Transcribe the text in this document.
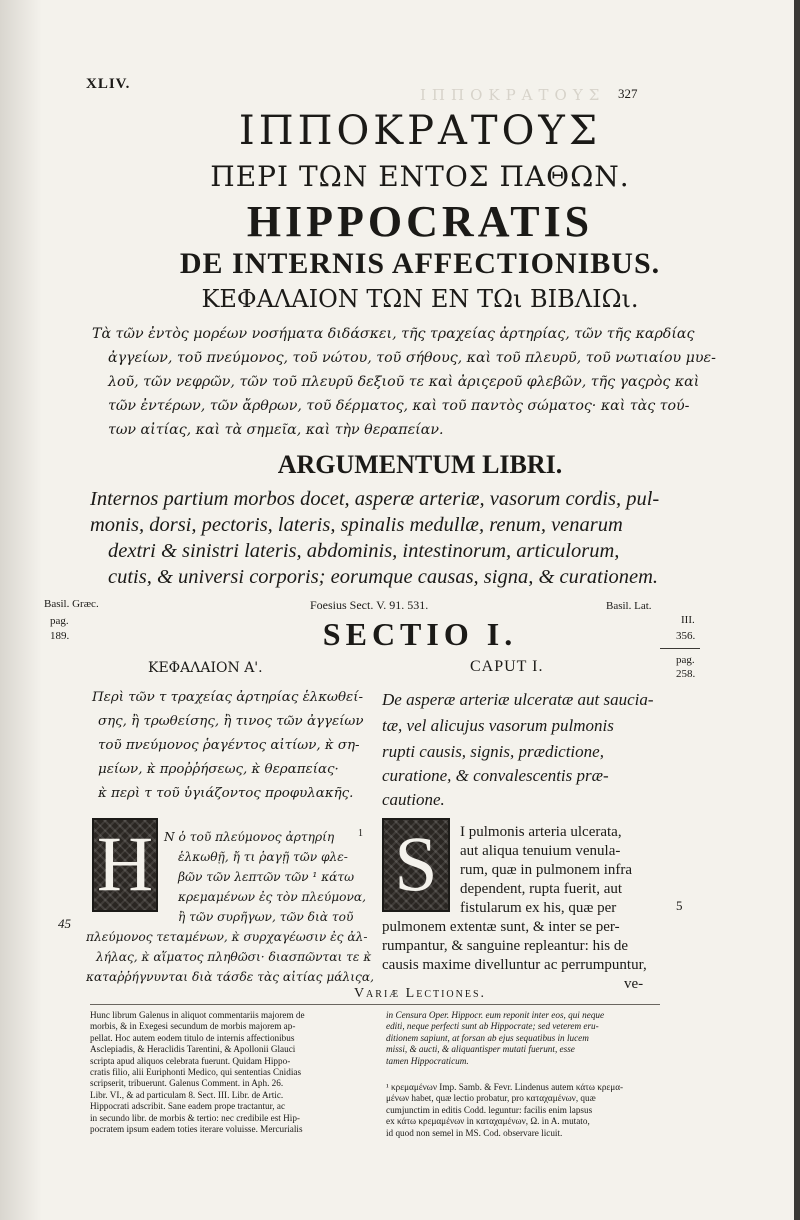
ΙΠΠΟΚΡΑΤΟΥΣ
XLIV.
327
ΙΠΠΟΚΡΑΤΟΥΣ
ΠΕΡΙ ΤΩΝ ΕΝΤΟΣ ΠΑΘΩΝ.
HIPPOCRATIS
DE INTERNIS AFFECTIONIBUS.
ΚΕΦΑΛΑΙΟΝ ΤΩΝ ΕΝ ΤΩι ΒΙΒΛΙΩι.
Τὰ τῶν ἐντὸς μορέων νοσήματα διδάσκει, τῆς τραχείας ἀρτηρίας, τῶν τῆς καρδίας
ἀγγείων, τοῦ πνεύμονος, τοῦ νώτου, τοῦ σήθους, καὶ τοῦ πλευρῦ, τοῦ νωτιαίου μυε-
λοῦ, τῶν νεφρῶν, τῶν τοῦ πλευρῦ δεξιοῦ τε καὶ ἀριςεροῦ φλεβῶν, τῆς γαςρὸς καὶ
τῶν ἐντέρων, τῶν ἄρθρων, τοῦ δέρματος, καὶ τοῦ παντὸς σώματος· καὶ τὰς τού-
των αἰτίας, καὶ τὰ σημεῖα, καὶ τὴν θεραπείαν.
ARGUMENTUM LIBRI.
Internos partium morbos docet, asperæ arteriæ, vasorum cordis, pul-
monis, dorsi, pectoris, lateris, spinalis medullæ, renum, venarum
dextri & sinistri lateris, abdominis, intestinorum, articulorum,
cutis, & universi corporis; eorumque causas, signa, & curationem.
Basil. Græc.
pag.
189.
Foesius Sect. V. 91. 531.	Basil. Lat.
III.
356.
pag.
258.
SECTIO I.
ΚΕΦΑΛΑΙΟΝ Α'.	CAPUT I.
Περὶ τῶν τ τραχείας ἀρτηρίας ἑλκωθεί-
σης, ἢ τρωθείσης, ἢ τινος τῶν ἀγγείων
τοῦ πνεύμονος ῥαγέντος αἰτίων, κ̀ ση-
μείων, κ̀ προῤῥήσεως, κ̀ θεραπείας·
κ̀ περὶ τ τοῦ ὑγιάζοντος προφυλακῆς.
De asperæ arteriæ ulceratæ aut saucia-
tæ, vel alicujus vasorum pulmonis
rupti causis, signis, prædictione,
curatione, & convalescentis præ-
cautione.
Η Ν ὁ τοῦ πλεύμονος ἀρτηρίη
ἑλκωθῇ, ἤ τι ῥαγῇ τῶν φλε-
βῶν τῶν λεπτῶν τῶν ¹ κάτω
κρεμαμένων ἐς τὸν πλεύμονα,
ἢ τῶν συρῆγων, τῶν διὰ τοῦ
πλεύμονος τεταμένων, κ̀ συρχαγέωσιν ἐς ἀλ-
λήλας, κ̀ αἵματος πληθῶσι· διασπῶνται τε κ̀
καταῤῥήγνυνται διὰ τάσδε τὰς αἰτίας μάλιςα,
45
1 S	I pulmonis arteria ulcerata,
aut aliqua tenuium venula-
rum, quæ in pulmonem infra
dependent, rupta fuerit, aut
fistularum ex his, quæ per
pulmonem extentæ sunt, & inter se per-
rumpantur, & sanguine repleantur: his de
causis maxime divelluntur ac perrumpuntur,
ve-
5
Variæ Lectiones.
Hunc librum Galenus in aliquot commentariis majorem de
morbis, & in Exegesi secundum de morbis majorem ap-
pellat. Hoc autem eodem titulo de internis affectionibus
Asclepiadis, & Heraclidis Tarentini, & Apollonii Glauci
scripta apud aliquos celebrata fuerunt. Quidam Hippo-
cratis filio, alii Euriphonti Medico, qui sententias Cnidias
scripserit, tribuerunt. Galenus Comment. in Aph. 26.
Libr. VI., & ad particulam 8. Sect. III. Libr. de Artic.
Hippocrati adscribit. Sane eadem prope tractantur, ac
in secundo libr. de morbis & tertio: nec credibile est Hip-
pocratem ipsum eadem toties iterare voluisse. Mercurialis
in Censura Oper. Hippocr. eum reponit inter eos, qui neque
editi, neque perfecti sunt ab Hippocrate; sed veterem eru-
ditionem sapiunt, at forsan ab ejus sequatibus in lucem
missi, & aucti, & aliquantisper mutati fuerunt, esse
tamen Hippocraticum.
¹ κρεμαμένων Imp. Samb. & Fevr. Lindenus autem κάτω κρεμα-
μένων habet, quæ lectio probatur, pro καταχαμένων, quæ
cumjunctim in editis Codd. leguntur: facilis enim lapsus
ex κάτω κρεμαμένων in καταχαμένων, Ω. in A. mutato,
id quod non semel in MS. Cod. observare licuit.
